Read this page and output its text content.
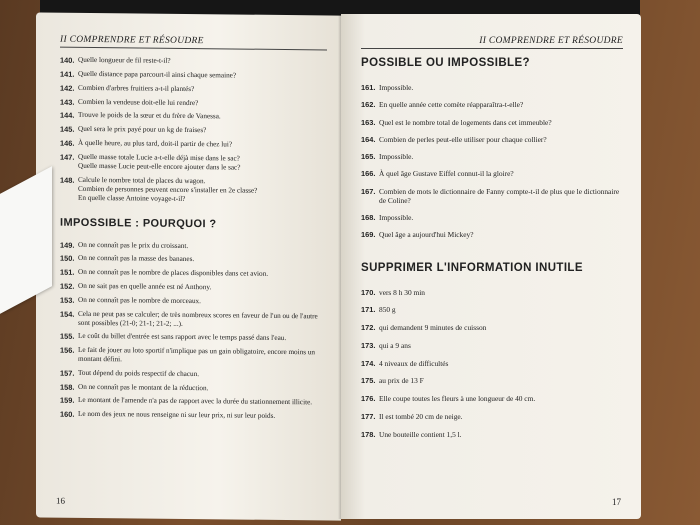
II COMPRENDRE ET RÉSOUDRE
140. Quelle longueur de fil reste-t-il?
141. Quelle distance papa parcourt-il ainsi chaque semaine?
142. Combien d'arbres fruitiers a-t-il plantés?
143. Combien la vendeuse doit-elle lui rendre?
144. Trouve le poids de la sœur et du frère de Vanessa.
145. Quel sera le prix payé pour un kg de fraises?
146. À quelle heure, au plus tard, doit-il partir de chez lui?
147. Quelle masse totale Lucie a-t-elle déjà mise dans le sac?
Quelle masse Lucie peut-elle encore ajouter dans le sac?
148. Calcule le nombre total de places du wagon.
Combien de personnes peuvent encore s'installer en 2e classe?
En quelle classe Antoine voyage-t-il?
IMPOSSIBLE : POURQUOI ?
149. On ne connaît pas le prix du croissant.
150. On ne connaît pas la masse des bananes.
151. On ne connaît pas le nombre de places disponibles dans cet avion.
152. On ne sait pas en quelle année est né Anthony.
153. On ne connaît pas le nombre de morceaux.
154. Cela ne peut pas se calculer; de très nombreux scores en faveur de l'un ou de l'autre sont possibles (21-0; 21-1; 21-2; ...).
155. Le coût du billet d'entrée est sans rapport avec le temps passé dans l'eau.
156. Le fait de jouer au loto sportif n'implique pas un gain obligatoire, encore moins un montant défini.
157. Tout dépend du poids respectif de chacun.
158. On ne connaît pas le montant de la réduction.
159. Le montant de l'amende n'a pas de rapport avec la durée du stationnement illicite.
160. Le nom des jeux ne nous renseigne ni sur leur prix, ni sur leur poids.
16
II COMPRENDRE ET RÉSOUDRE
POSSIBLE OU IMPOSSIBLE?
161. Impossible.
162. En quelle année cette comète réapparaîtra-t-elle?
163. Quel est le nombre total de logements dans cet immeuble?
164. Combien de perles peut-elle utiliser pour chaque collier?
165. Impossible.
166. À quel âge Gustave Eiffel connut-il la gloire?
167. Combien de mots le dictionnaire de Fanny compte-t-il de plus que le dictionnaire de Coline?
168. Impossible.
169. Quel âge a aujourd'hui Mickey?
SUPPRIMER L'INFORMATION INUTILE
170. vers 8 h 30 min
171. 850 g
172. qui demandent 9 minutes de cuisson
173. qui a 9 ans
174. 4 niveaux de difficultés
175. au prix de 13 F
176. Elle coupe toutes les fleurs à une longueur de 40 cm.
177. Il est tombé 20 cm de neige.
178. Une bouteille contient 1,5 l.
17
